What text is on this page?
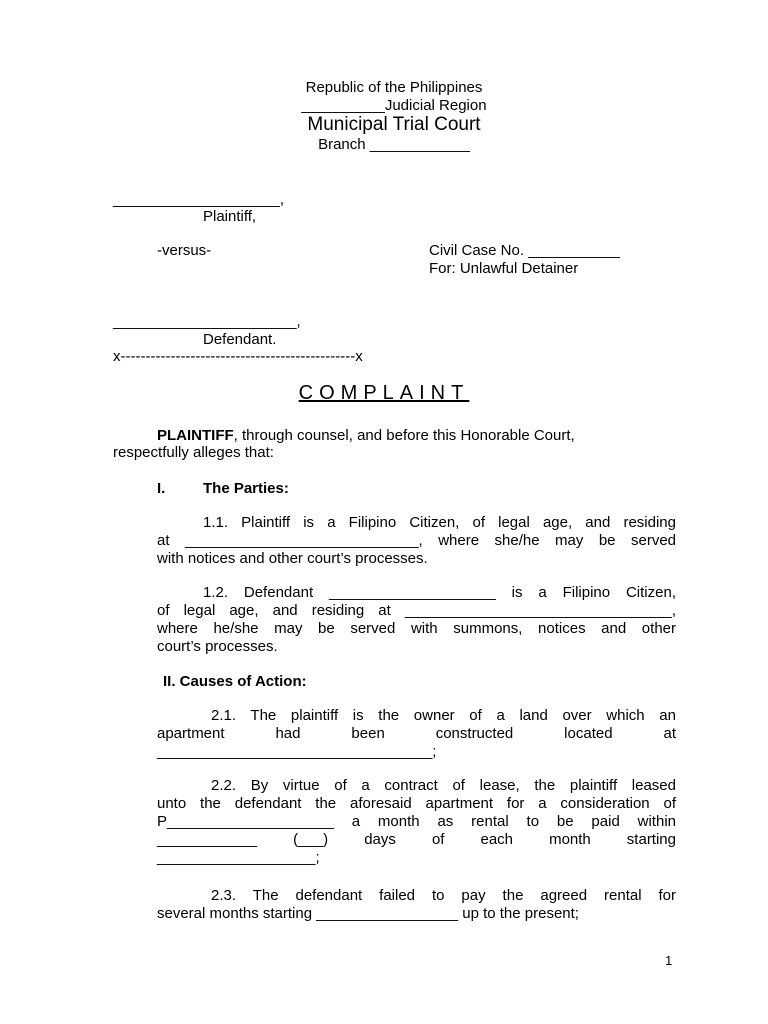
Republic of the Philippines
__________Judicial Region
Municipal Trial Court
Branch ____________
____________________,
Plaintiff,
-versus-	Civil Case No. ___________
For: Unlawful Detainer
______________________,
Defendant.
x-----------------------------------------------x
COMPLAINT
PLAINTIFF, through counsel, and before this Honorable Court,
respectfully alleges that:
I.	The Parties:
1.1. Plaintiff is a Filipino Citizen, of legal age, and residing
at ____________________________, where she/he may be served
with notices and other court’s processes.
1.2. Defendant ____________________ is a Filipino Citizen,
of legal age, and residing at ________________________________,
where he/she may be served with summons, notices and other
court’s processes.
II. Causes of Action:
2.1. The plaintiff is the owner of a land over which an
apartment had been constructed located at
_________________________________;
2.2. By virtue of a contract of lease, the plaintiff leased
unto the defendant the aforesaid apartment for a consideration of
P____________________ a month as rental to be paid within
____________ (___) days of each month starting
___________________;
2.3. The defendant failed to pay the agreed rental for
several months starting _________________ up to the present;
1
